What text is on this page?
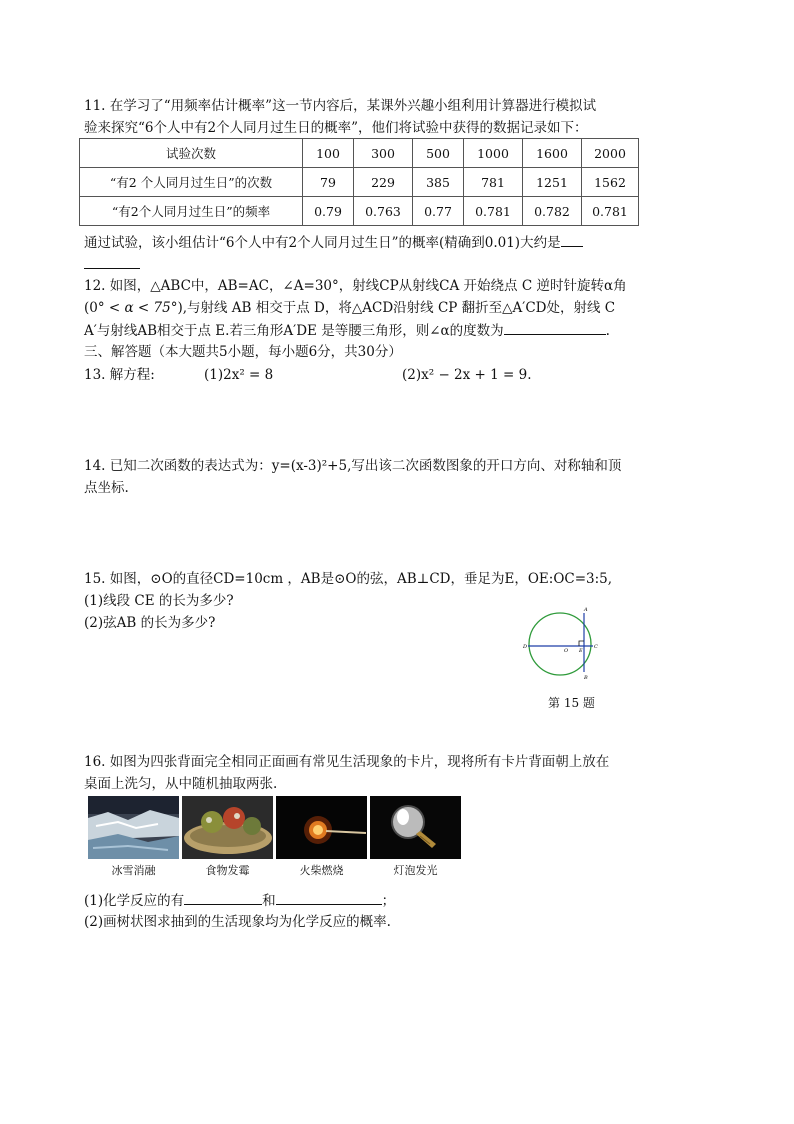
11. 在学习了“用频率估计概率”这一节内容后，某课外兴趣小组利用计算器进行模拟试
验来探究“6个人中有2个人同月过生日的概率”，他们将试验中获得的数据记录如下：
试验次数	100	300	500	1000	1600	2000
“有2 个人同月过生日”的次数	79	229	385	781	1251	1562
“有2个人同月过生日”的频率	0.79	0.763	0.77	0.781	0.782	0.781
通过试验，该小组估计“6个人中有2个人同月过生日”的概率(精确到0.01)大约是
12. 如图，△ABC中，AB=AC，∠A=30°，射线CP从射线CA 开始绕点 C 逆时针旋转α角
(0° < α < 75°),与射线 AB 相交于点 D，将△ACD沿射线 CP 翻折至△A′CD处，射线 C
A′与射线AB相交于点 E.若三角形A′DE 是等腰三角形，则∠α的度数为	.
三、解答题（本大题共5小题，每小题6分，共30分）
13. 解方程:	(1)2x² = 8	(2)x² − 2x + 1 = 9.
14. 已知二次函数的表达式为：y=(x-3)²+5,写出该二次函数图象的开口方向、对称轴和顶
点坐标.
15. 如图，⊙O的直径CD=10cm ，AB是⊙O的弦，AB⊥CD，垂足为E，OE:OC=3:5,
(1)线段 CE 的长为多少?
(2)弦AB 的长为多少?
A
B
C
D
O E
第 15 题
16. 如图为四张背面完全相同正面画有常见生活现象的卡片，现将所有卡片背面朝上放在
桌面上洗匀，从中随机抽取两张.
冰雪消融	食物发霉	火柴燃烧	灯泡发光
(1)化学反应的有	和	；
(2)画树状图求抽到的生活现象均为化学反应的概率.
